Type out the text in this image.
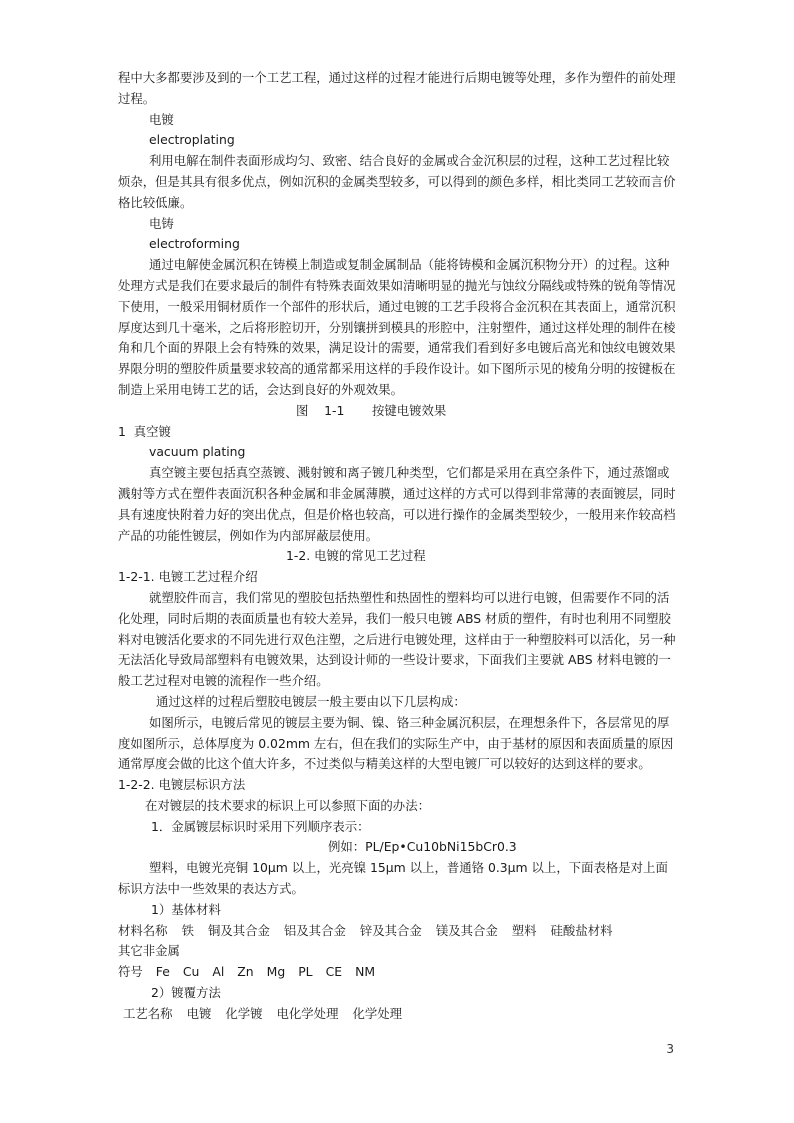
程中大多都要涉及到的一个工艺工程，通过这样的过程才能进行后期电镀等处理，多作为塑件的前处理过程。

电镀

electroplating

利用电解在制件表面形成均匀、致密、结合良好的金属或合金沉积层的过程，这种工艺过程比较烦杂，但是其具有很多优点，例如沉积的金属类型较多，可以得到的颜色多样，相比类同工艺较而言价格比较低廉。

电铸

electroforming

通过电解使金属沉积在铸模上制造或复制金属制品（能将铸模和金属沉积物分开）的过程。这种处理方式是我们在要求最后的制件有特殊表面效果如清晰明显的抛光与蚀纹分隔线或特殊的锐角等情况下使用，一般采用铜材质作一个部件的形状后，通过电镀的工艺手段将合金沉积在其表面上，通常沉积厚度达到几十毫米，之后将形腔切开，分别镶拼到模具的形腔中，注射塑件，通过这样处理的制件在棱角和几个面的界限上会有特殊的效果，满足设计的需要，通常我们看到好多电镀后高光和蚀纹电镀效果界限分明的塑胶件质量要求较高的通常都采用这样的手段作设计。如下图所示见的棱角分明的按键板在制造上采用电铸工艺的话，会达到良好的外观效果。

图    1-1       按键电镀效果

1  真空镀

vacuum plating

真空镀主要包括真空蒸镀、溅射镀和离子镀几种类型，它们都是采用在真空条件下，通过蒸馏或溅射等方式在塑件表面沉积各种金属和非金属薄膜，通过这样的方式可以得到非常薄的表面镀层，同时具有速度快附着力好的突出优点，但是价格也较高，可以进行操作的金属类型较少，一般用来作较高档产品的功能性镀层，例如作为内部屏蔽层使用。

1-2. 电镀的常见工艺过程

1-2-1. 电镀工艺过程介绍

就塑胶件而言，我们常见的塑胶包括热塑性和热固性的塑料均可以进行电镀，但需要作不同的活化处理，同时后期的表面质量也有较大差异，我们一般只电镀 ABS 材质的塑件，有时也利用不同塑胶料对电镀活化要求的不同先进行双色注塑，之后进行电镀处理，这样由于一种塑胶料可以活化，另一种无法活化导致局部塑料有电镀效果，达到设计师的一些设计要求，下面我们主要就 ABS 材料电镀的一般工艺过程对电镀的流程作一些介绍。

通过这样的过程后塑胶电镀层一般主要由以下几层构成：

如图所示，电镀后常见的镀层主要为铜、镍、铬三种金属沉积层，在理想条件下，各层常见的厚度如图所示，总体厚度为 0.02mm 左右，但在我们的实际生产中，由于基材的原因和表面质量的原因通常厚度会做的比这个值大许多，不过类似与精美这样的大型电镀厂可以较好的达到这样的要求。

1-2-2. 电镀层标识方法

在对镀层的技术要求的标识上可以参照下面的办法：

1．金属镀层标识时采用下列顺序表示：

例如：PL/Ep•Cu10bNi15bCr0.3

塑料，电镀光亮铜 10μm 以上，光亮镍 15μm 以上，普通铬 0.3μm 以上，下面表格是对上面标识方法中一些效果的表达方式。

1）基体材料

材料名称 铁 铜及其合金 铝及其合金 锌及其合金 镁及其合金 塑料 硅酸盐材料
其它非金属

符号 Fe Cu Al Zn Mg PL CE NM

2）镀覆方法

工艺名称 电镀 化学镀 电化学处理 化学处理

3
